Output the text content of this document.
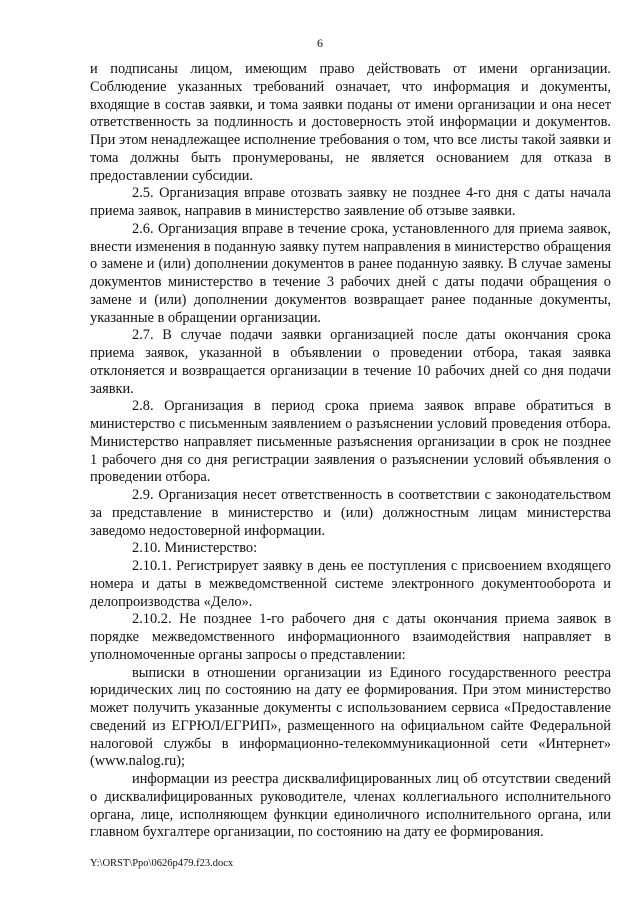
6

и подписаны лицом, имеющим право действовать от имени организации. Соблюдение указанных требований означает, что информация и документы, входящие в состав заявки, и тома заявки поданы от имени организации и она несет ответственность за подлинность и достоверность этой информации и документов. При этом ненадлежащее исполнение требования о том, что все листы такой заявки и тома должны быть пронумерованы, не является основанием для отказа в предоставлении субсидии.

2.5. Организация вправе отозвать заявку не позднее 4-го дня с даты начала приема заявок, направив в министерство заявление об отзыве заявки.

2.6. Организация вправе в течение срока, установленного для приема заявок, внести изменения в поданную заявку путем направления в министерство обращения о замене и (или) дополнении документов в ранее поданную заявку. В случае замены документов министерство в течение 3 рабочих дней с даты подачи обращения о замене и (или) дополнении документов возвращает ранее поданные документы, указанные в обращении организации.

2.7. В случае подачи заявки организацией после даты окончания срока приема заявок, указанной в объявлении о проведении отбора, такая заявка отклоняется и возвращается организации в течение 10 рабочих дней со дня подачи заявки.

2.8. Организация в период срока приема заявок вправе обратиться в министерство с письменным заявлением о разъяснении условий проведения отбора. Министерство направляет письменные разъяснения организации в срок не позднее 1 рабочего дня со дня регистрации заявления о разъяснении условий объявления о проведении отбора.

2.9. Организация несет ответственность в соответствии с законодательством за представление в министерство и (или) должностным лицам министерства заведомо недостоверной информации.

2.10. Министерство:

2.10.1. Регистрирует заявку в день ее поступления с присвоением входящего номера и даты в межведомственной системе электронного документооборота и делопроизводства «Дело».

2.10.2. Не позднее 1-го рабочего дня с даты окончания приема заявок в порядке межведомственного информационного взаимодействия направляет в уполномоченные органы запросы о представлении:

выписки в отношении организации из Единого государственного реестра юридических лиц по состоянию на дату ее формирования. При этом министерство может получить указанные документы с использованием сервиса «Предоставление сведений из ЕГРЮЛ/ЕГРИП», размещенного на официальном сайте Федеральной налоговой службы в информационно-телекоммуникационной сети «Интернет» (www.nalog.ru);

информации из реестра дисквалифицированных лиц об отсутствии сведений о дисквалифицированных руководителе, членах коллегиального исполнительного органа, лице, исполняющем функции единоличного исполнительного органа, или главном бухгалтере организации, по состоянию на дату ее формирования.

Y:\ORST\Ppo\0626p479.f23.docx
